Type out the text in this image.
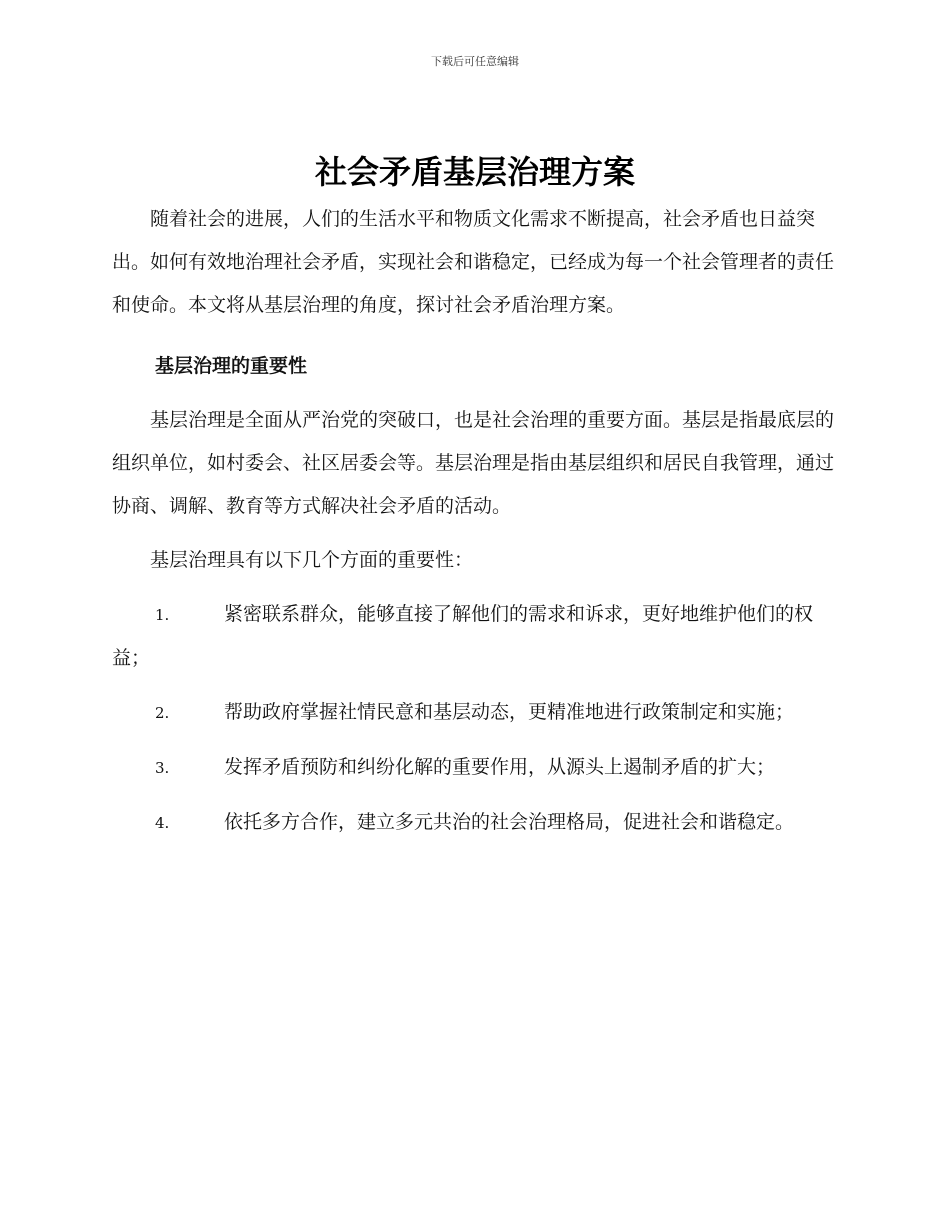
下载后可任意编辑
社会矛盾基层治理方案

随着社会的进展，人们的生活水平和物质文化需求不断提高，社会矛盾也日益突出。如何有效地治理社会矛盾，实现社会和谐稳定，已经成为每一个社会管理者的责任和使命。本文将从基层治理的角度，探讨社会矛盾治理方案。

基层治理的重要性

基层治理是全面从严治党的突破口，也是社会治理的重要方面。基层是指最底层的组织单位，如村委会、社区居委会等。基层治理是指由基层组织和居民自我管理，通过协商、调解、教育等方式解决社会矛盾的活动。

基层治理具有以下几个方面的重要性：

1.	紧密联系群众，能够直接了解他们的需求和诉求，更好地维护他们的权益；

2.	帮助政府掌握社情民意和基层动态，更精准地进行政策制定和实施；

3.	发挥矛盾预防和纠纷化解的重要作用，从源头上遏制矛盾的扩大；

4.	依托多方合作，建立多元共治的社会治理格局，促进社会和谐稳定。
